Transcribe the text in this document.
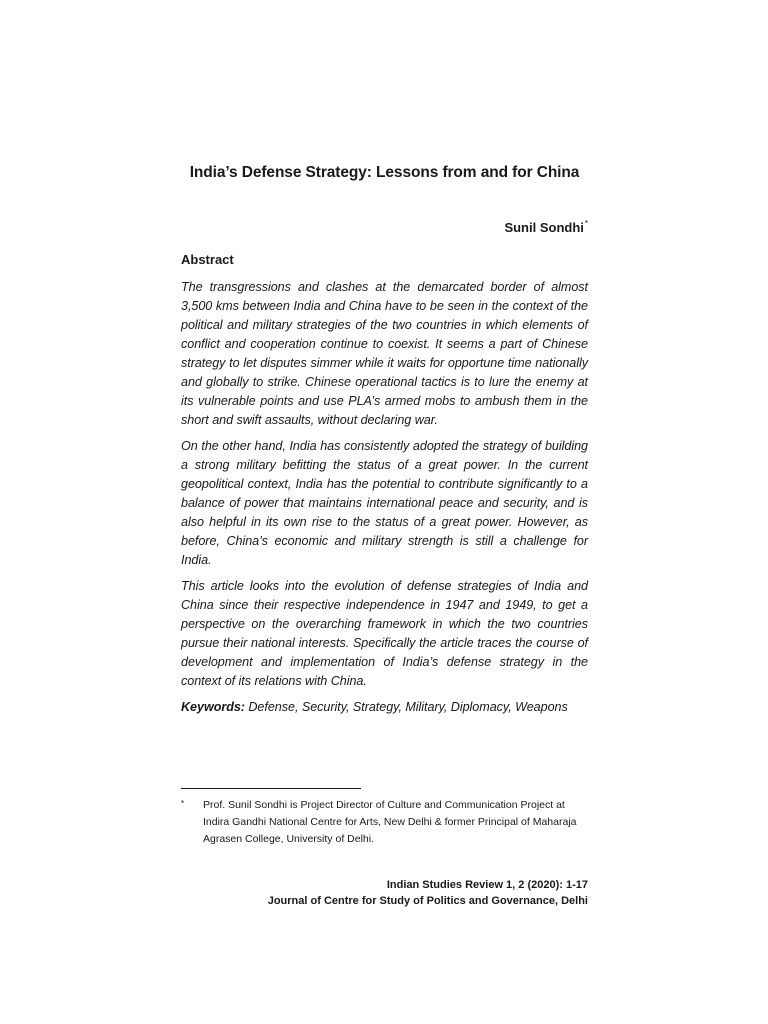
India’s Defense Strategy: Lessons from and for China
Sunil Sondhi*
Abstract

The transgressions and clashes at the demarcated border of almost 3,500 kms between India and China have to be seen in the context of the political and military strategies of the two countries in which elements of conflict and cooperation continue to coexist. It seems a part of Chinese strategy to let disputes simmer while it waits for opportune time nationally and globally to strike. Chinese operational tactics is to lure the enemy at its vulnerable points and use PLA’s armed mobs to ambush them in the short and swift assaults, without declaring war.

On the other hand, India has consistently adopted the strategy of building a strong military befitting the status of a great power. In the current geopolitical context, India has the potential to contribute significantly to a balance of power that maintains international peace and security, and is also helpful in its own rise to the status of a great power. However, as before, China’s economic and military strength is still a challenge for India.

This article looks into the evolution of defense strategies of India and China since their respective independence in 1947 and 1949, to get a perspective on the overarching framework in which the two countries pursue their national interests. Specifically the article traces the course of development and implementation of India’s defense strategy in the context of its relations with China.

Keywords: Defense, Security, Strategy, Military, Diplomacy, Weapons

* Prof. Sunil Sondhi is Project Director of Culture and Communication Project at Indira Gandhi National Centre for Arts, New Delhi & former Principal of Maharaja Agrasen College, University of Delhi.
Indian Studies Review 1, 2 (2020): 1-17
Journal of Centre for Study of Politics and Governance, Delhi
